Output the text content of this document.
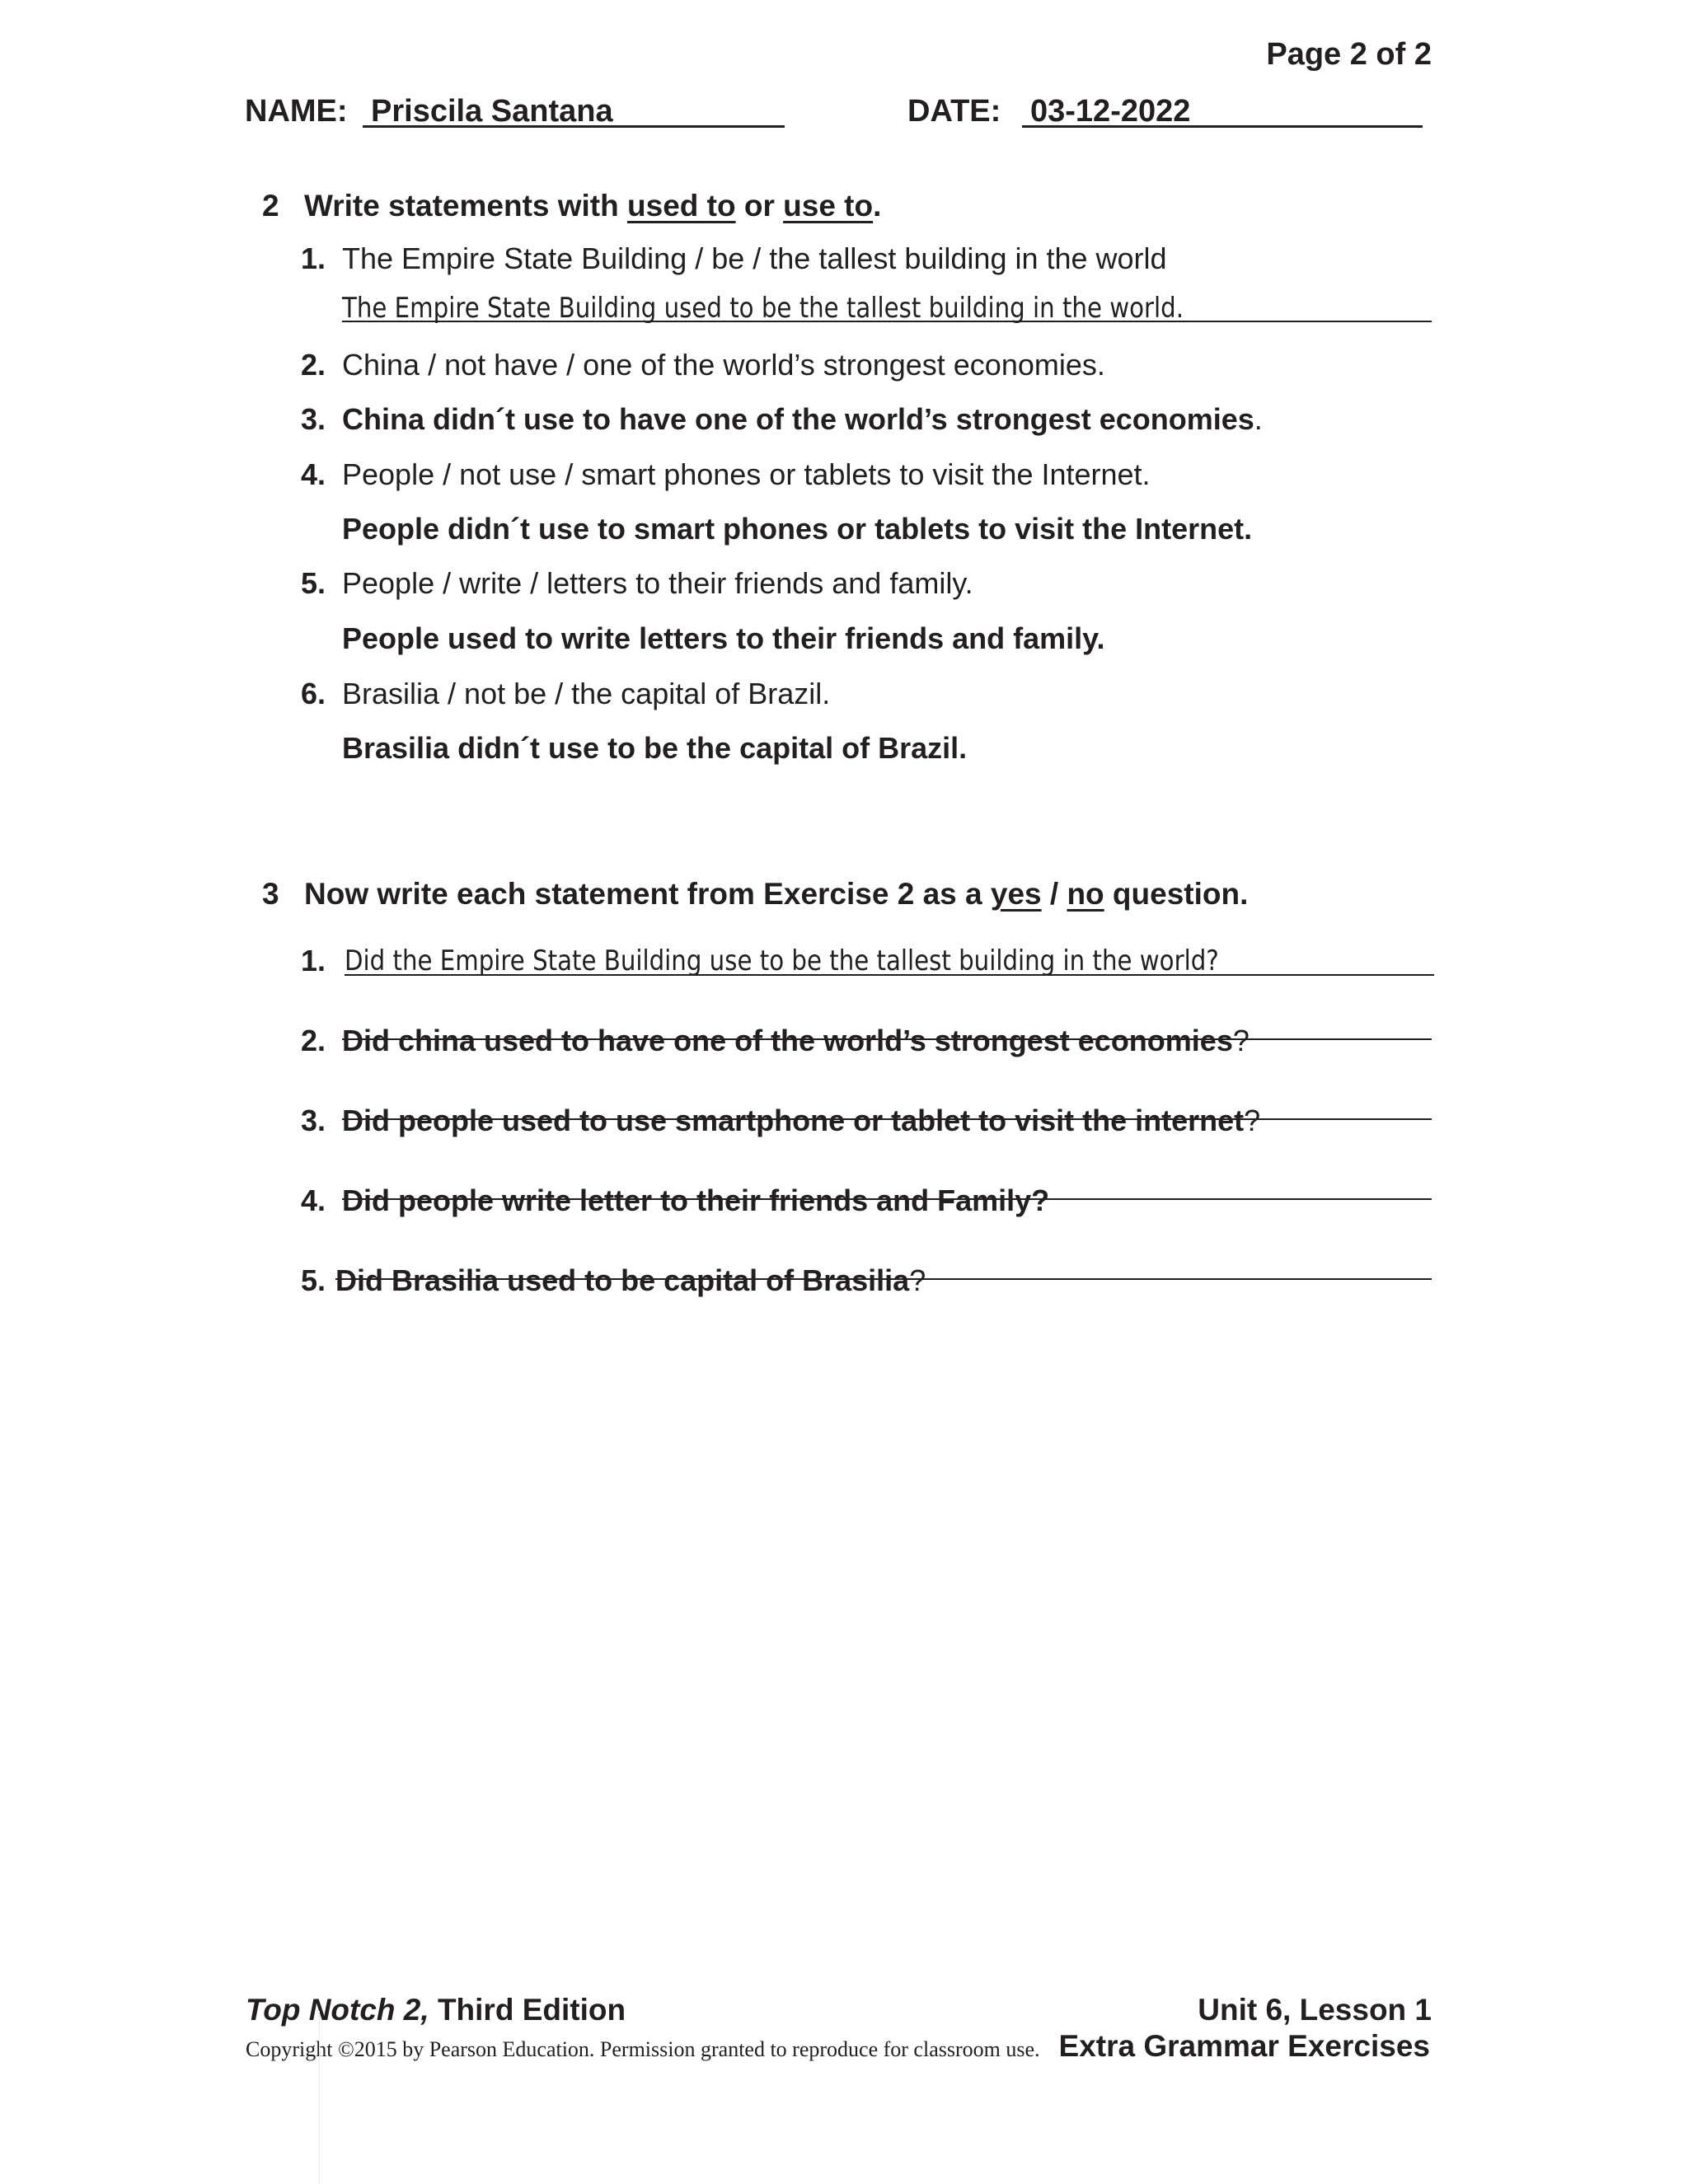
Page 2 of 2
NAME: Priscila Santana	DATE: 03-12-2022
2 Write statements with used to or use to.
1. The Empire State Building / be / the tallest building in the world
The Empire State Building used to be the tallest building in the world.
2. China / not have / one of the world’s strongest economies.
3. China didn´t use to have one of the world’s strongest economies.
4. People / not use / smart phones or tablets to visit the Internet.
People didn´t use to smart phones or tablets to visit the Internet.
5. People / write / letters to their friends and family.
People used to write letters to their friends and family.
6. Brasilia / not be / the capital of Brazil.
Brasilia didn´t use to be the capital of Brazil.
3 Now write each statement from Exercise 2 as a yes / no question.
1. Did the Empire State Building use to be the tallest building in the world?
2. Did china used to have one of the world’s strongest economies?
3. Did people used to use smartphone or tablet to visit the internet?
4. Did people write letter to their friends and Family?
5. Did Brasilia used to be capital of Brasilia?
Top Notch 2, Third Edition
Copyright ©2015 by Pearson Education. Permission granted to reproduce for classroom use.
Unit 6, Lesson 1
Extra Grammar Exercises
